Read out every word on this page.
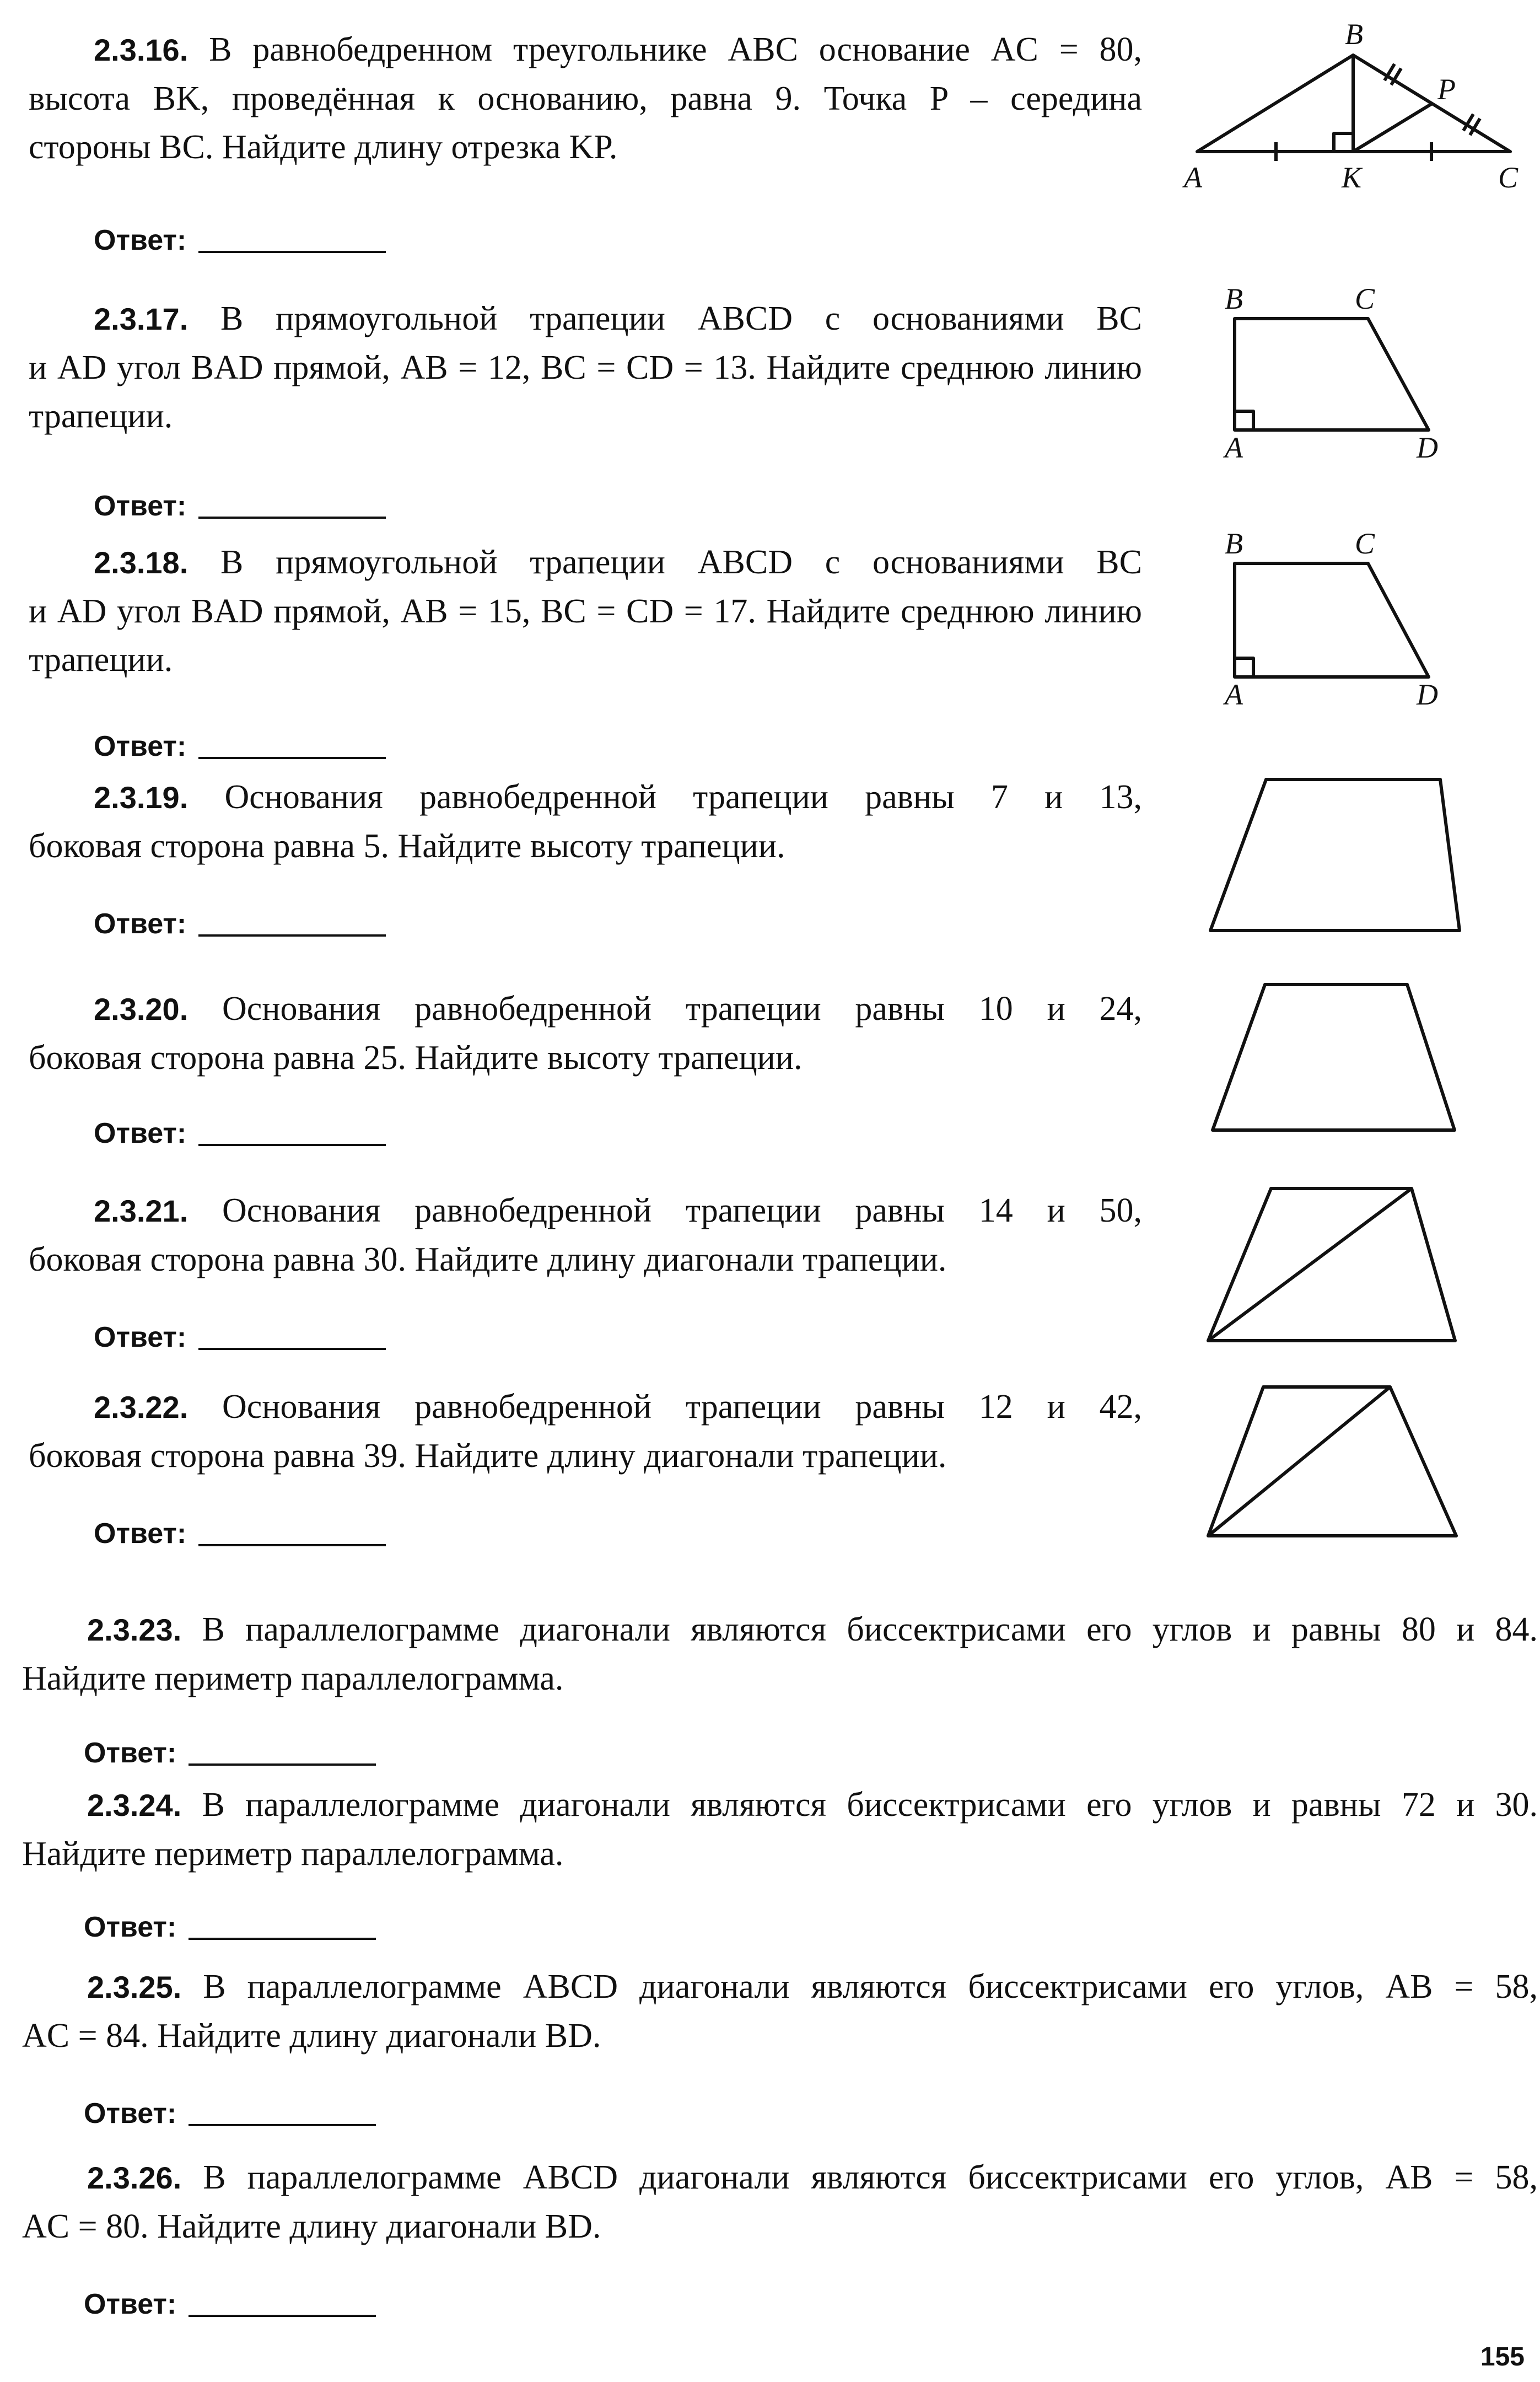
2.3.16. В равнобедренном треугольнике ABC основание AC = 80,
высота BK, проведённая к основанию, равна 9. Точка P – середина
стороны BC. Найдите длину отрезка KP.
Ответ:
2.3.17. В прямоугольной трапеции ABCD с основаниями BC
и AD угол BAD прямой, AB = 12, BC = CD = 13. Найдите среднюю линию
трапеции.
Ответ:
2.3.18. В прямоугольной трапеции ABCD с основаниями BC
и AD угол BAD прямой, AB = 15, BC = CD = 17. Найдите среднюю линию
трапеции.
Ответ:
2.3.19. Основания равнобедренной трапеции равны 7 и 13,
боковая сторона равна 5. Найдите высоту трапеции.
Ответ:
2.3.20. Основания равнобедренной трапеции равны 10 и 24,
боковая сторона равна 25. Найдите высоту трапеции.
Ответ:
2.3.21. Основания равнобедренной трапеции равны 14 и 50,
боковая сторона равна 30. Найдите длину диагонали трапеции.
Ответ:
2.3.22. Основания равнобедренной трапеции равны 12 и 42,
боковая сторона равна 39. Найдите длину диагонали трапеции.
Ответ:
2.3.23. В параллелограмме диагонали являются биссектрисами его углов и равны 80 и 84.
Найдите периметр параллелограмма.
Ответ:
2.3.24. В параллелограмме диагонали являются биссектрисами его углов и равны 72 и 30.
Найдите периметр параллелограмма.
Ответ:
2.3.25. В параллелограмме ABCD диагонали являются биссектрисами его углов, AB = 58,
AC = 84. Найдите длину диагонали BD.
Ответ:
2.3.26. В параллелограмме ABCD диагонали являются биссектрисами его углов, AB = 58,
AC = 80. Найдите длину диагонали BD.
Ответ:
B
P
A	K	C
B	C
A	D
B	C
A	D
155
